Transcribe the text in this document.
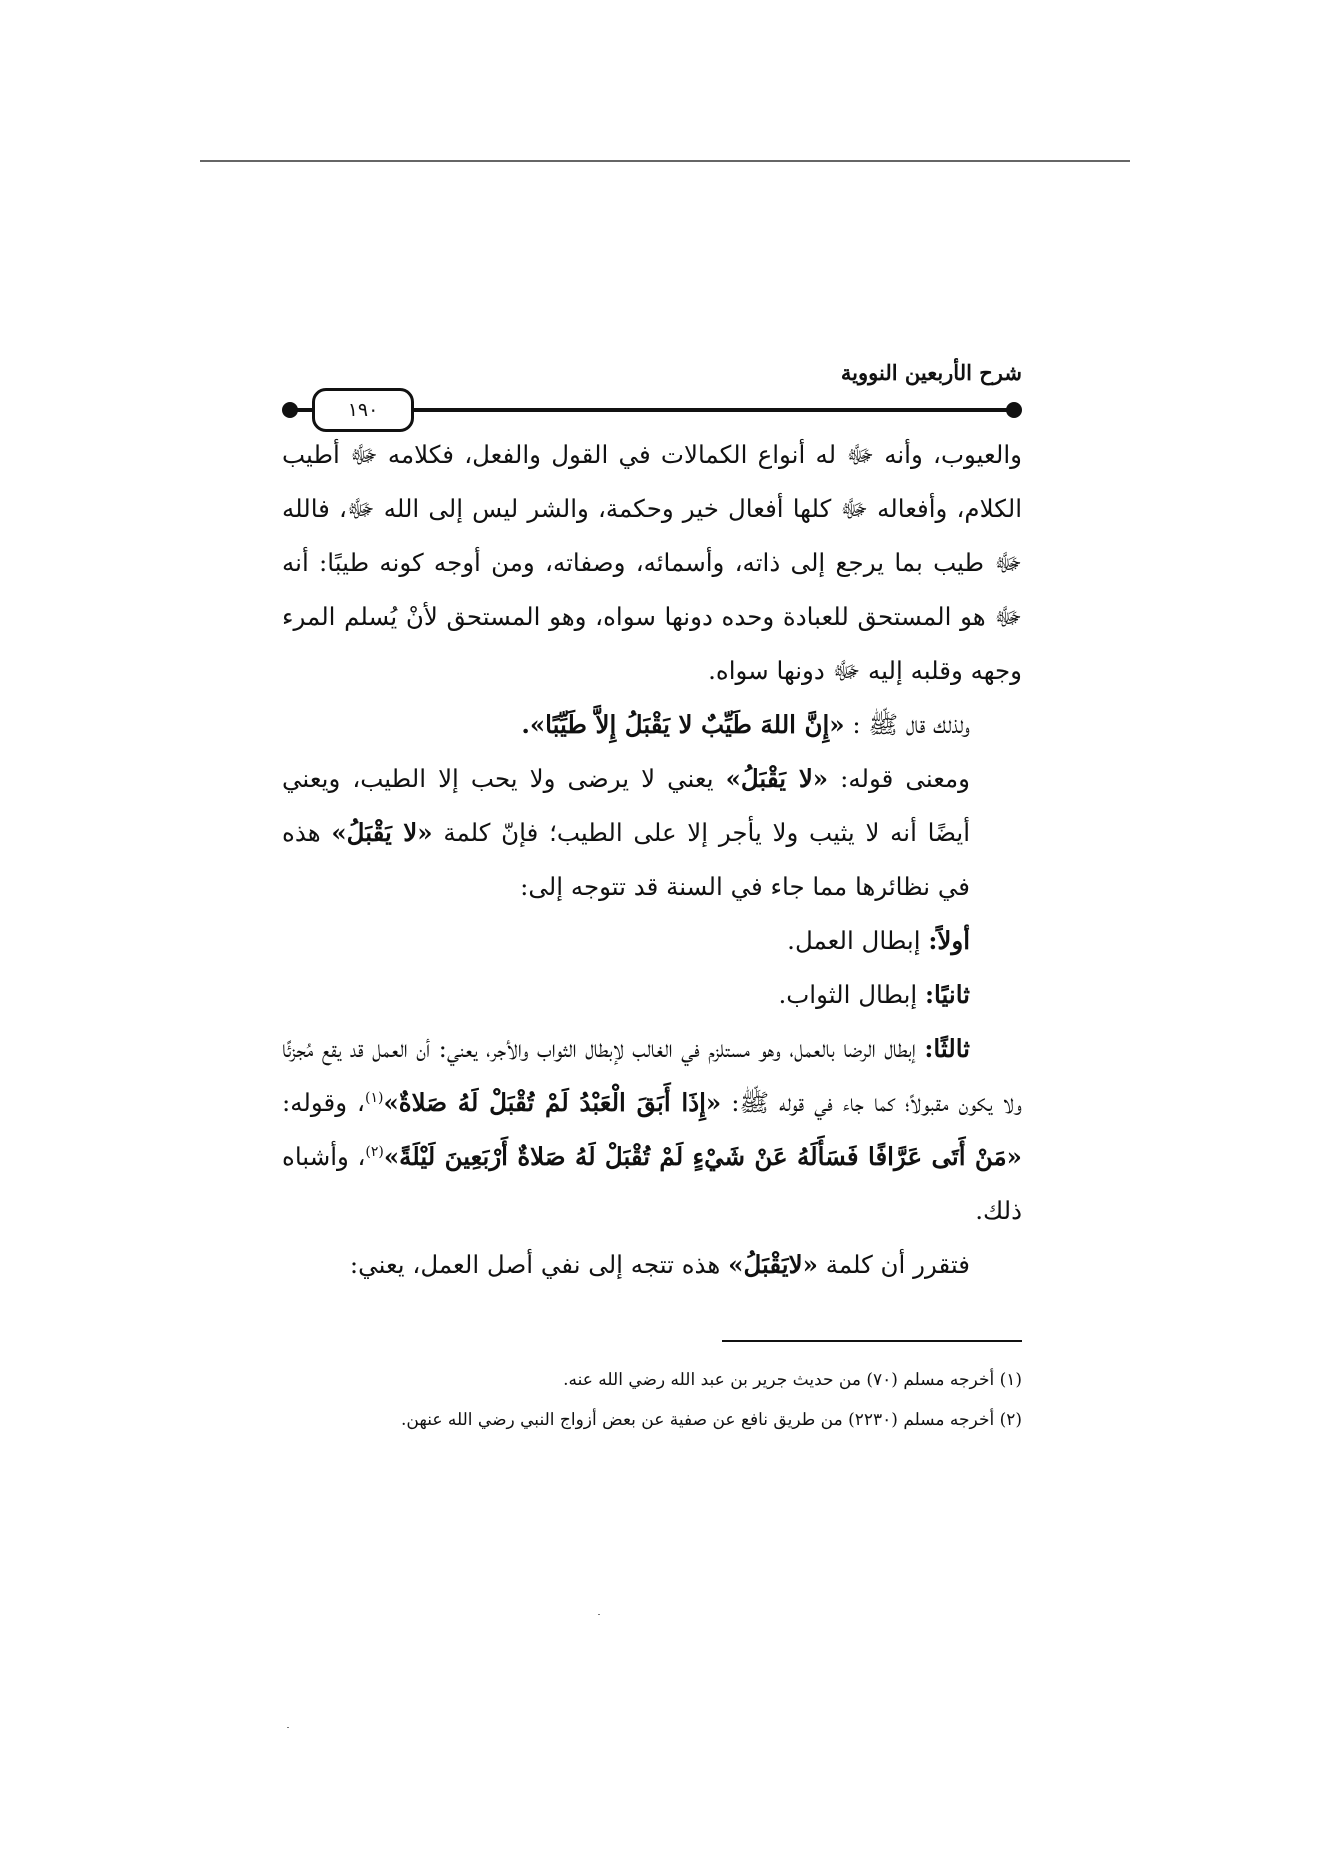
شرح الأربعين النووية
١٩٠

والعيوب، وأنه ﷻ له أنواع الكمالات في القول والفعل، فكلامه ﷻ أطيب الكلام، وأفعاله ﷻ كلها أفعال خير وحكمة، والشر ليس إلى الله ﷻ، فالله ﷻ طيب بما يرجع إلى ذاته، وأسمائه، وصفاته، ومن أوجه كونه طيبًا: أنه ﷻ هو المستحق للعبادة وحده دونها سواه، وهو المستحق لأنْ يُسلم المرء وجهه وقلبه إليه ﷻ دونها سواه.

ولذلك قال ﷺ : «إِنَّ اللهَ طَيِّبٌ لا يَقْبَلُ إِلاَّ طَيِّبًا».

ومعنى قوله: «لا يَقْبَلُ» يعني لا يرضى ولا يحب إلا الطيب، ويعني أيضًا أنه لا يثيب ولا يأجر إلا على الطيب؛ فإنّ كلمة «لا يَقْبَلُ» هذه في نظائرها مما جاء في السنة قد تتوجه إلى:

أولاً: إبطال العمل.

ثانيًا: إبطال الثواب.

ثالثًا: إبطال الرضا بالعمل، وهو مستلزم في الغالب لإبطال الثواب والأجر، يعني: أن العمل قد يقع مُجزئًا ولا يكون مقبولاً؛ كما جاء في قوله ﷺ: «إِذَا أَبَقَ الْعَبْدُ لَمْ تُقْبَلْ لَهُ صَلاةٌ»$^{(١)}$، وقوله: «مَنْ أَتَى عَرَّافًا فَسَأَلَهُ عَنْ شَيْءٍ لَمْ تُقْبَلْ لَهُ صَلاةٌ أَرْبَعِينَ لَيْلَةً»$^{(٢)}$، وأشباه ذلك.

فتقرر أن كلمة «لايَقْبَلُ» هذه تتجه إلى نفي أصل العمل، يعني:

(١) أخرجه مسلم (٧٠) من حديث جرير بن عبد الله رضي الله عنه.

(٢) أخرجه مسلم (٢٢٣٠) من طريق نافع عن صفية عن بعض أزواج النبي رضي الله عنهن.
